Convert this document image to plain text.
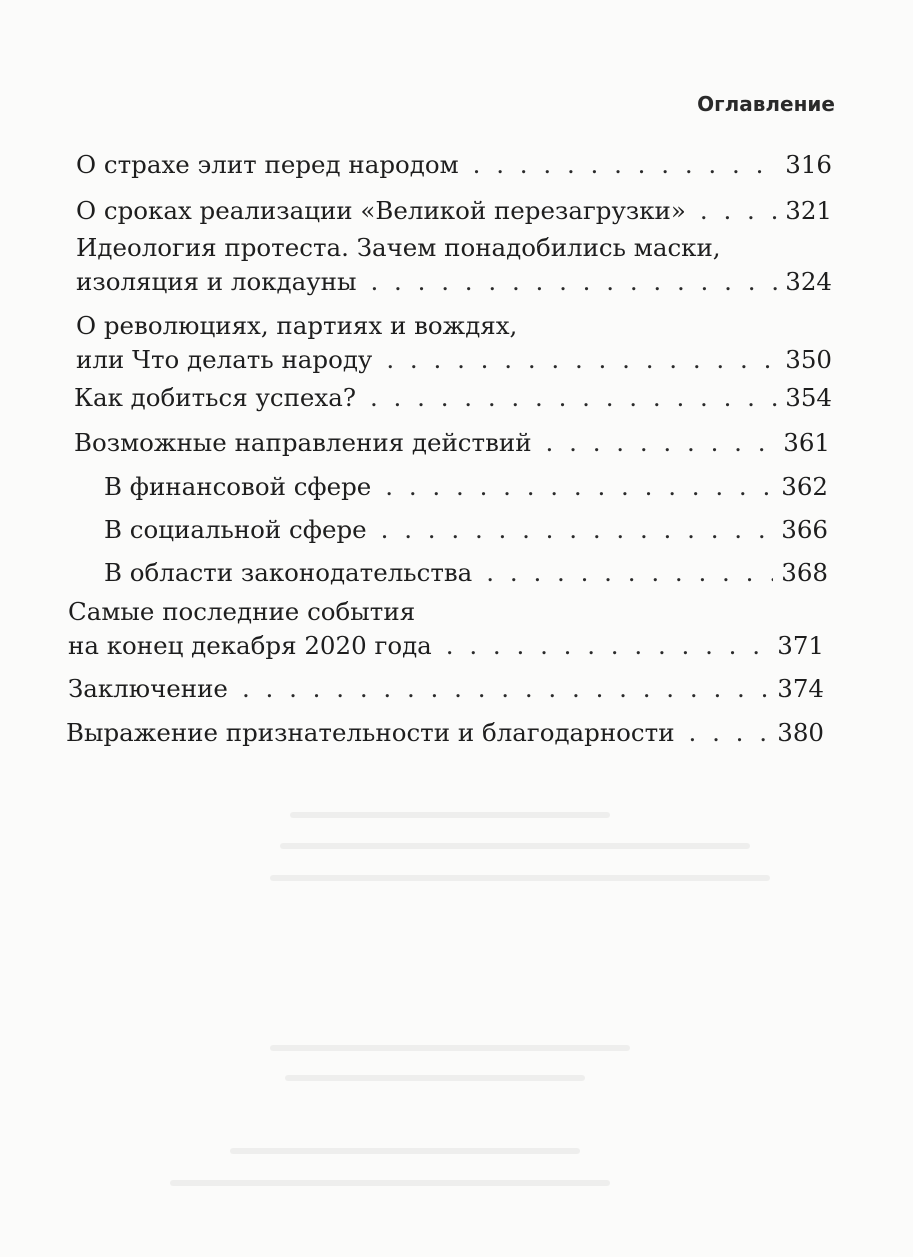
Оглавление
О страхе элит перед народом . . .	316
О сроках реализации «Великой перезагрузки» . . .	321
Идеология протеста. Зачем понадобились маски,
изоляция и локдауны . . .	324
О революциях, партиях и вождях,
или Что делать народу . . .	350
Как добиться успеха? . . .	354
Возможные направления действий . . .	361
В финансовой сфере . . .	362
В социальной сфере . . .	366
В области законодательства . . .	368
Самые последние события
на конец декабря 2020 года . . .	371
Заключение . . .	374
Выражение признательности и благодарности . . .	380
